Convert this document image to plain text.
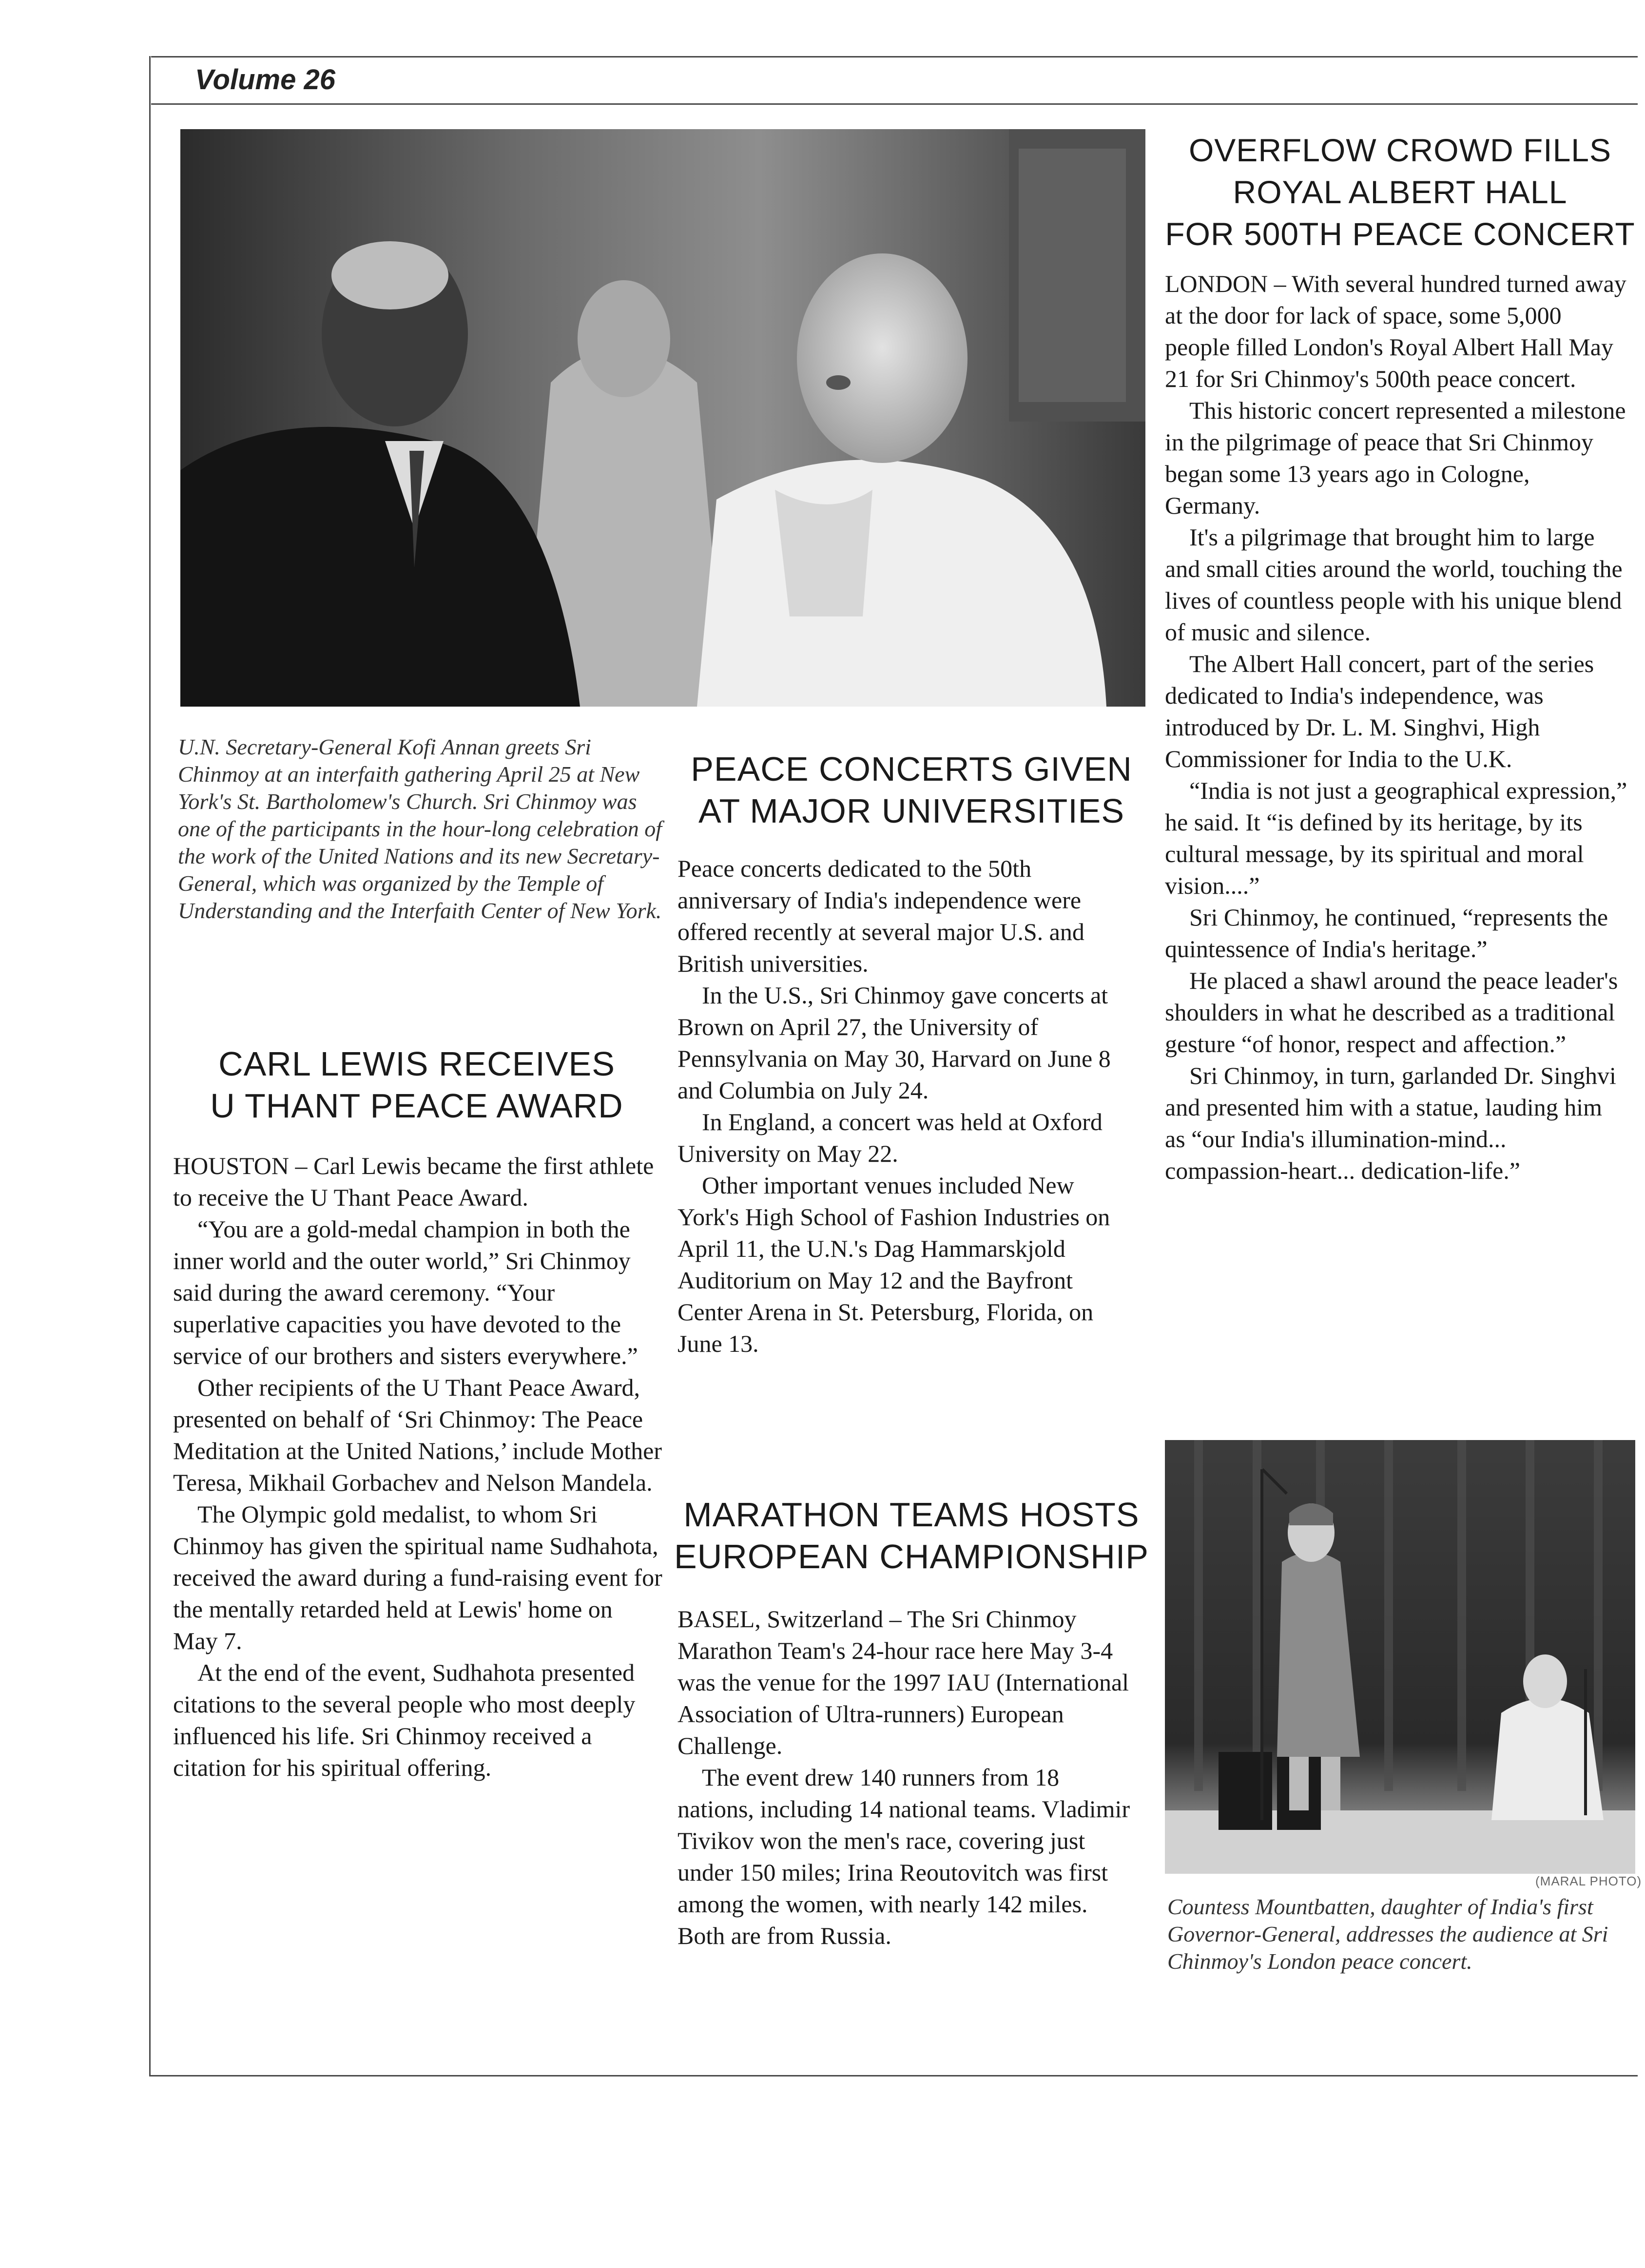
Volume 26
U.N. Secretary-General Kofi Annan greets Sri Chinmoy at an interfaith gathering April 25 at New York's St. Bartholomew's Church. Sri Chinmoy was one of the participants in the hour-long celebration of the work of the United Nations and its new Secretary-General, which was organized by the Temple of Understanding and the Interfaith Center of New York.
CARL LEWIS RECEIVES
U THANT PEACE AWARD

HOUSTON – Carl Lewis became the first athlete to receive the U Thant Peace Award.

“You are a gold-medal champion in both the inner world and the outer world,” Sri Chinmoy said during the award ceremony. “Your superlative capacities you have devoted to the service of our brothers and sisters everywhere.”

Other recipients of the U Thant Peace Award, presented on behalf of ‘Sri Chinmoy: The Peace Meditation at the United Nations,’ include Mother Teresa, Mikhail Gorbachev and Nelson Mandela.

The Olympic gold medalist, to whom Sri Chinmoy has given the spiritual name Sudhahota, received the award during a fund-raising event for the mentally retarded held at Lewis' home on May 7.

At the end of the event, Sudhahota presented citations to the several people who most deeply influenced his life. Sri Chinmoy received a citation for his spiritual offering.

PEACE CONCERTS GIVEN
AT MAJOR UNIVERSITIES

Peace concerts dedicated to the 50th anniversary of India's independence were offered recently at several major U.S. and British universities.

In the U.S., Sri Chinmoy gave concerts at Brown on April 27, the University of Pennsylvania on May 30, Harvard on June 8 and Columbia on July 24.

In England, a concert was held at Oxford University on May 22.

Other important venues included New York's High School of Fashion Industries on April 11, the U.N.'s Dag Hammarskjold Auditorium on May 12 and the Bayfront Center Arena in St. Petersburg, Florida, on June 13.

MARATHON TEAMS HOSTS
EUROPEAN CHAMPIONSHIP

BASEL, Switzerland – The Sri Chinmoy Marathon Team's 24-hour race here May 3-4 was the venue for the 1997 IAU (International Association of Ultra-runners) European Challenge.

The event drew 140 runners from 18 nations, including 14 national teams. Vladimir Tivikov won the men's race, covering just under 150 miles; Irina Reoutovitch was first among the women, with nearly 142 miles. Both are from Russia.

OVERFLOW CROWD FILLS
ROYAL ALBERT HALL
FOR 500TH PEACE CONCERT

LONDON – With several hundred turned away at the door for lack of space, some 5,000 people filled London's Royal Albert Hall May 21 for Sri Chinmoy's 500th peace concert.

This historic concert represented a milestone in the pilgrimage of peace that Sri Chinmoy began some 13 years ago in Cologne, Germany.

It's a pilgrimage that brought him to large and small cities around the world, touching the lives of countless people with his unique blend of music and silence.

The Albert Hall concert, part of the series dedicated to India's independence, was introduced by Dr. L. M. Singhvi, High Commissioner for India to the U.K.

“India is not just a geographical expression,” he said. It “is defined by its heritage, by its cultural message, by its spiritual and moral vision....”

Sri Chinmoy, he continued, “represents the quintessence of India's heritage.”

He placed a shawl around the peace leader's shoulders in what he described as a traditional gesture “of honor, respect and affection.”

Sri Chinmoy, in turn, garlanded Dr. Singhvi and presented him with a statue, lauding him as “our India's illumination-mind... compassion-heart... dedication-life.”

(MARAL PHOTO)
Countess Mountbatten, daughter of India's first Governor-General, addresses the audience at Sri Chinmoy's London peace concert.
